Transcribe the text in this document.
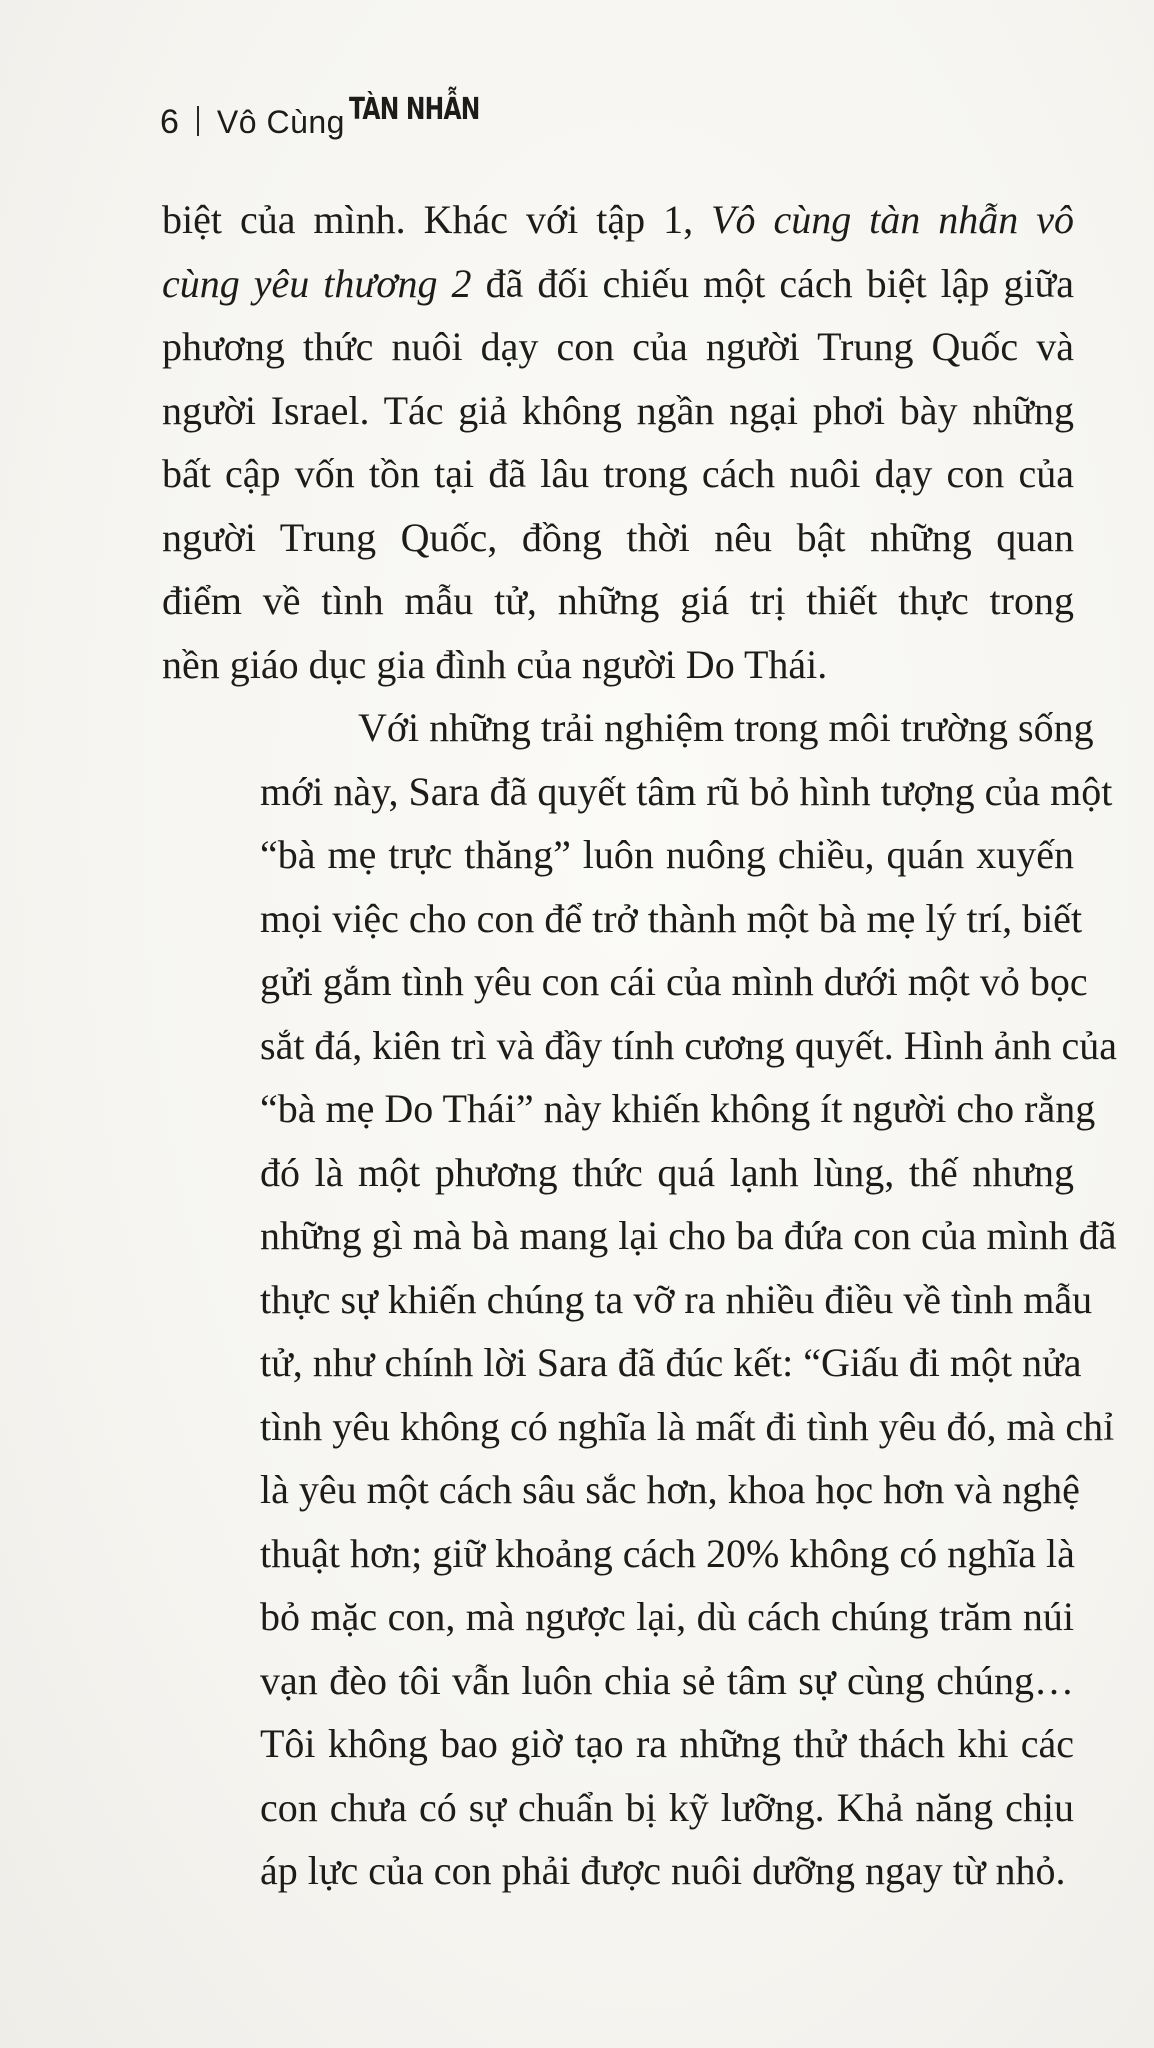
6 Vô Cùng TÀN NHẪN
biệt của mình. Khác với tập 1, Vô cùng tàn nhẫn vô
cùng yêu thương 2 đã đối chiếu một cách biệt lập giữa
phương thức nuôi dạy con của người Trung Quốc và
người Israel. Tác giả không ngần ngại phơi bày những
bất cập vốn tồn tại đã lâu trong cách nuôi dạy con của
người Trung Quốc, đồng thời nêu bật những quan
điểm về tình mẫu tử, những giá trị thiết thực trong
nền giáo dục gia đình của người Do Thái.
Với những trải nghiệm trong môi trường sống
mới này, Sara đã quyết tâm rũ bỏ hình tượng của một
“bà mẹ trực thăng” luôn nuông chiều, quán xuyến
mọi việc cho con để trở thành một bà mẹ lý trí, biết
gửi gắm tình yêu con cái của mình dưới một vỏ bọc
sắt đá, kiên trì và đầy tính cương quyết. Hình ảnh của
“bà mẹ Do Thái” này khiến không ít người cho rằng
đó là một phương thức quá lạnh lùng, thế nhưng
những gì mà bà mang lại cho ba đứa con của mình đã
thực sự khiến chúng ta vỡ ra nhiều điều về tình mẫu
tử, như chính lời Sara đã đúc kết: “Giấu đi một nửa
tình yêu không có nghĩa là mất đi tình yêu đó, mà chỉ
là yêu một cách sâu sắc hơn, khoa học hơn và nghệ
thuật hơn; giữ khoảng cách 20% không có nghĩa là
bỏ mặc con, mà ngược lại, dù cách chúng trăm núi
vạn đèo tôi vẫn luôn chia sẻ tâm sự cùng chúng…
Tôi không bao giờ tạo ra những thử thách khi các
con chưa có sự chuẩn bị kỹ lưỡng. Khả năng chịu
áp lực của con phải được nuôi dưỡng ngay từ nhỏ.
